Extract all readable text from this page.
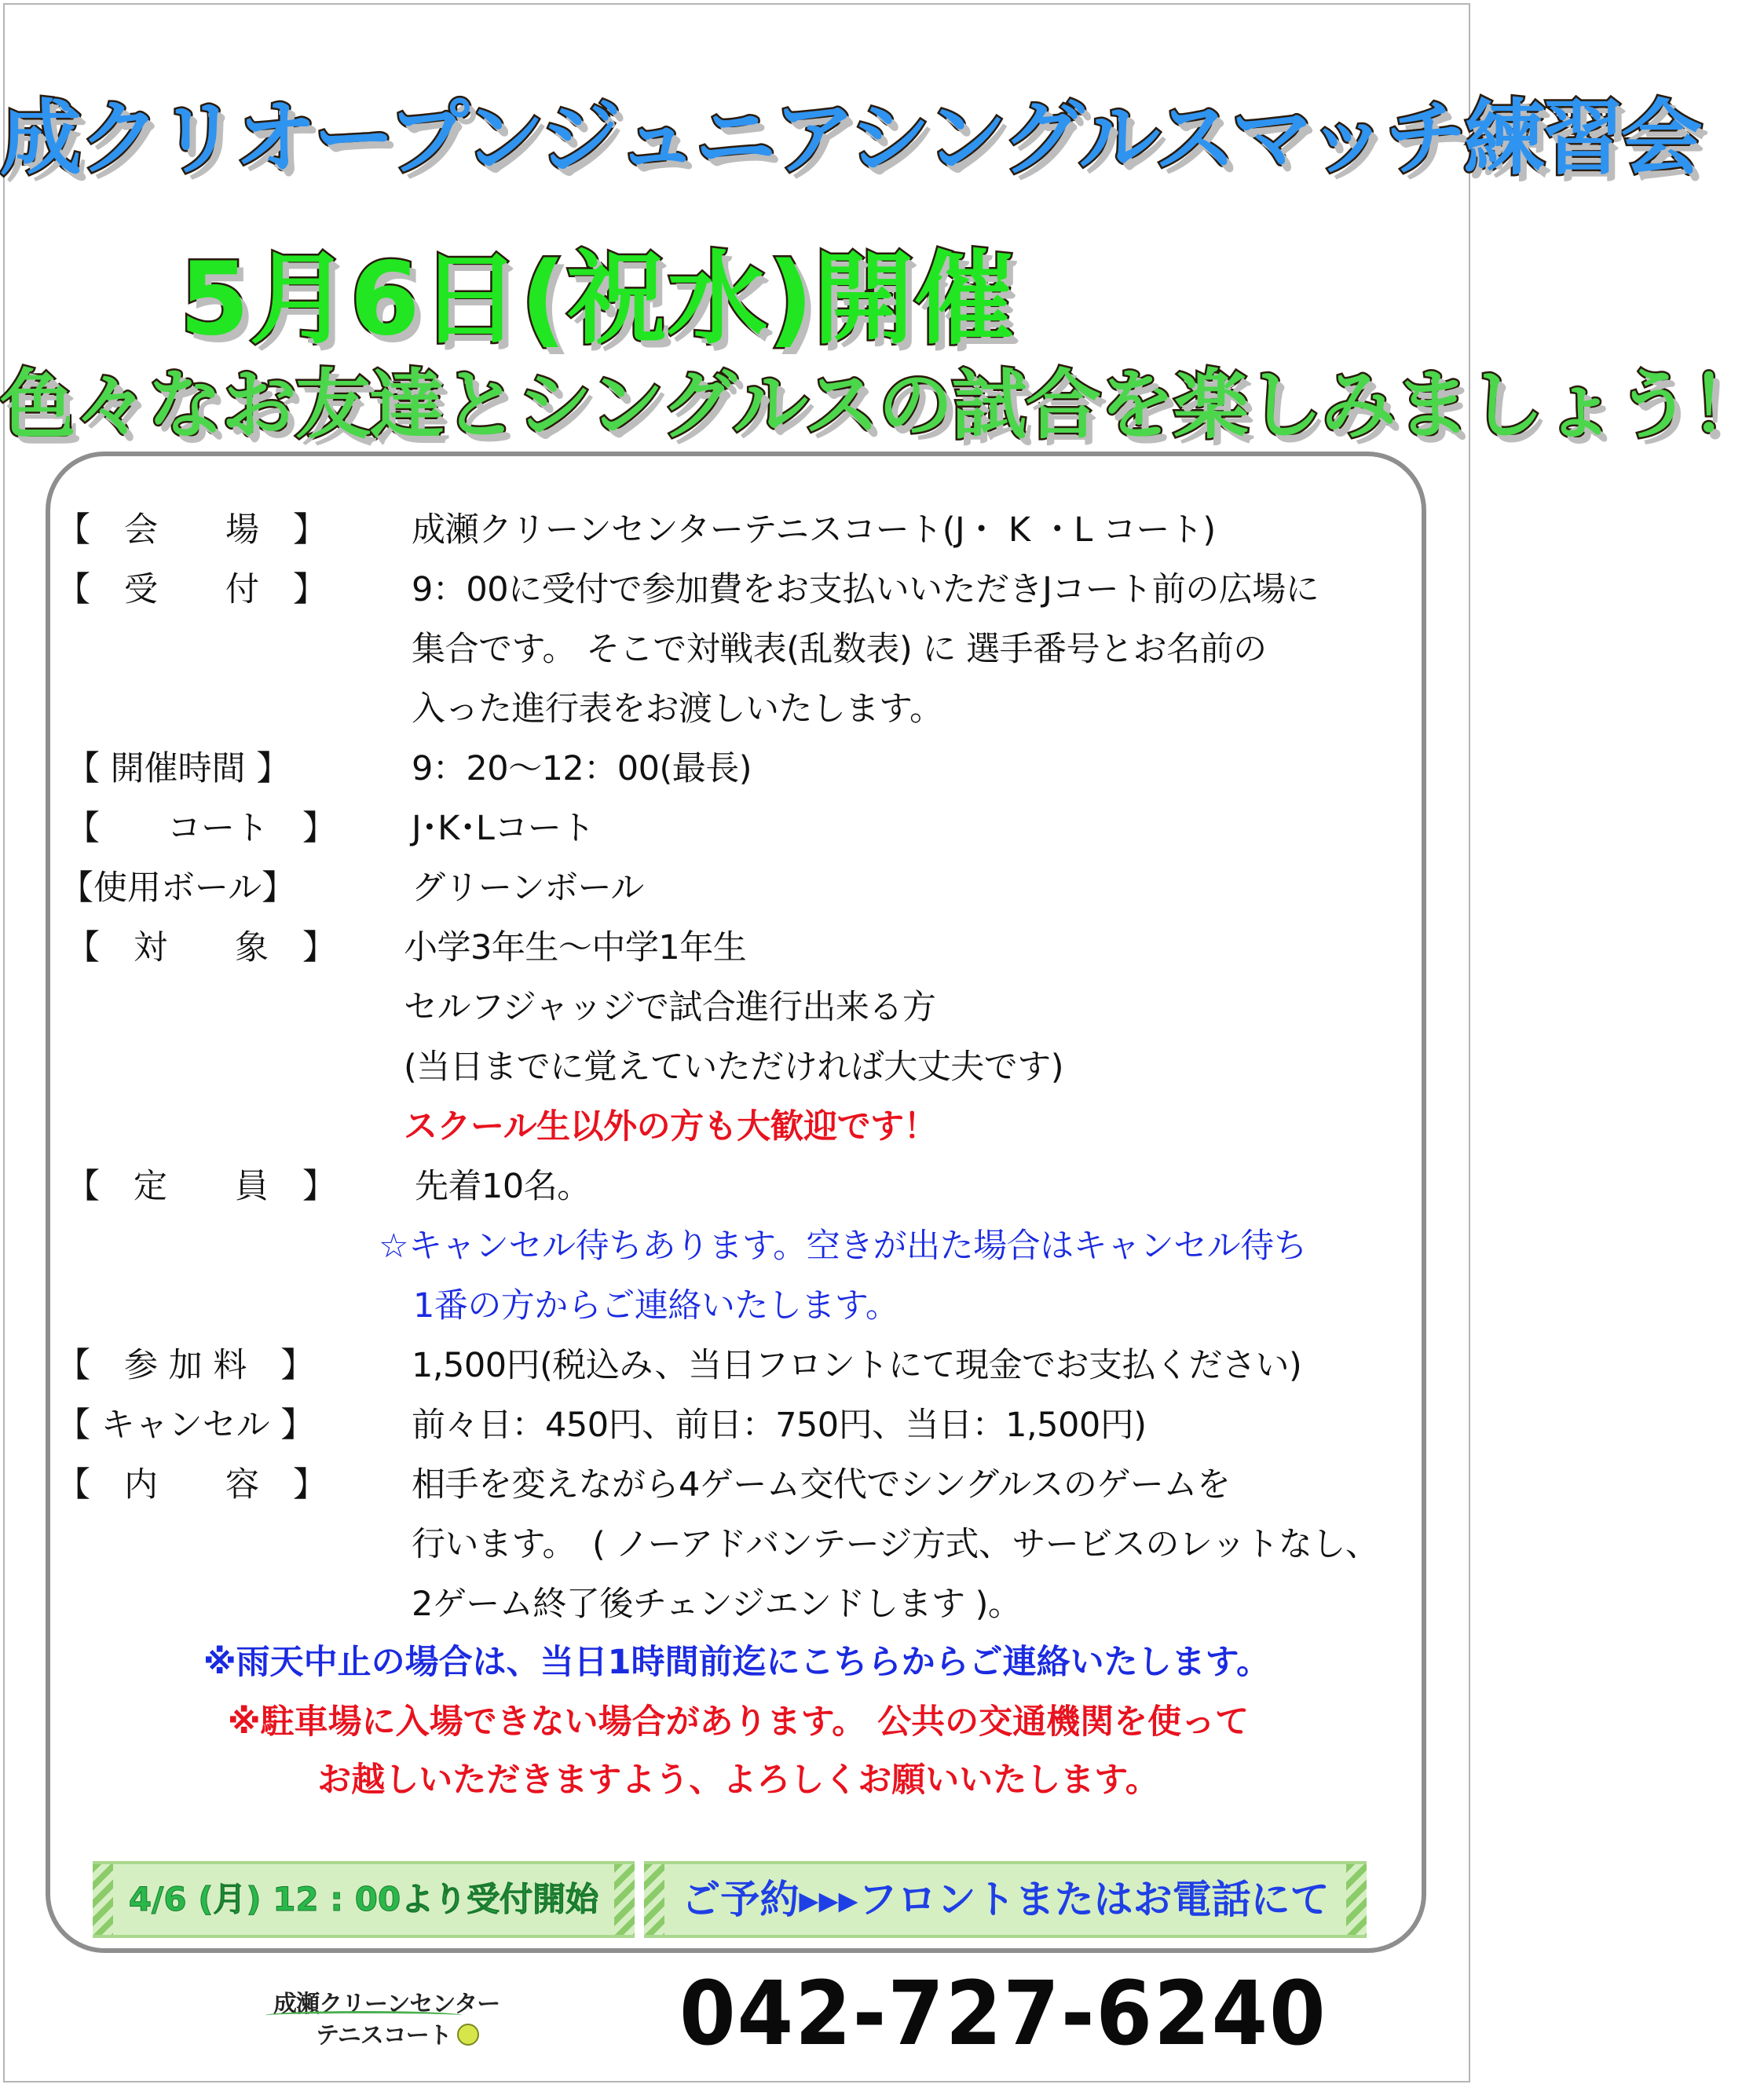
成クリオープンジュニアシングルスマッチ練習会
5月6日(祝水)開催
色々なお友達とシングルスの試合を楽しみましょう！
【　会　　場　】	成瀬クリーンセンターテニスコート(J・ K ・L コート)
【　受　　付　】	9：00に受付で参加費をお支払いいただきJコート前の広場に
集合です。 そこで対戦表(乱数表) に 選手番号とお名前の
入った進行表をお渡しいたします。
【 開催時間 】	9：20～12：00(最長)
【　　コート　】 J･K･Lコート
【使用ボール】	グリーンボール
【　対　　象　】 小学3年生～中学1年生
セルフジャッジで試合進行出来る方
(当日までに覚えていただければ大丈夫です)
スクール生以外の方も大歓迎です！
【　定　　員　】 先着10名。
☆キャンセル待ちあります。空きが出た場合はキャンセル待ち
1番の方からご連絡いたします。
【　参 加 料　】	1,500円(税込み、当日フロントにて現金でお支払ください)
【 キャンセル 】	前々日：450円、前日：750円、当日：1,500円)
【　内　　容　】	相手を変えながら4ゲーム交代でシングルスのゲームを
行います。　( ノーアドバンテージ方式、サービスのレットなし、
2ゲーム終了後チェンジエンドします )。
※雨天中止の場合は、当日1時間前迄にこちらからご連絡いたします。
※駐車場に入場できない場合があります。 公共の交通機関を使って
お越しいただきますよう、よろしくお願いいたします。
4/6 (月) 12 : 00より受付開始	ご予約▸▸▸フロントまたはお電話にて
成瀬クリーンセンター
テニスコート	042-727-6240
